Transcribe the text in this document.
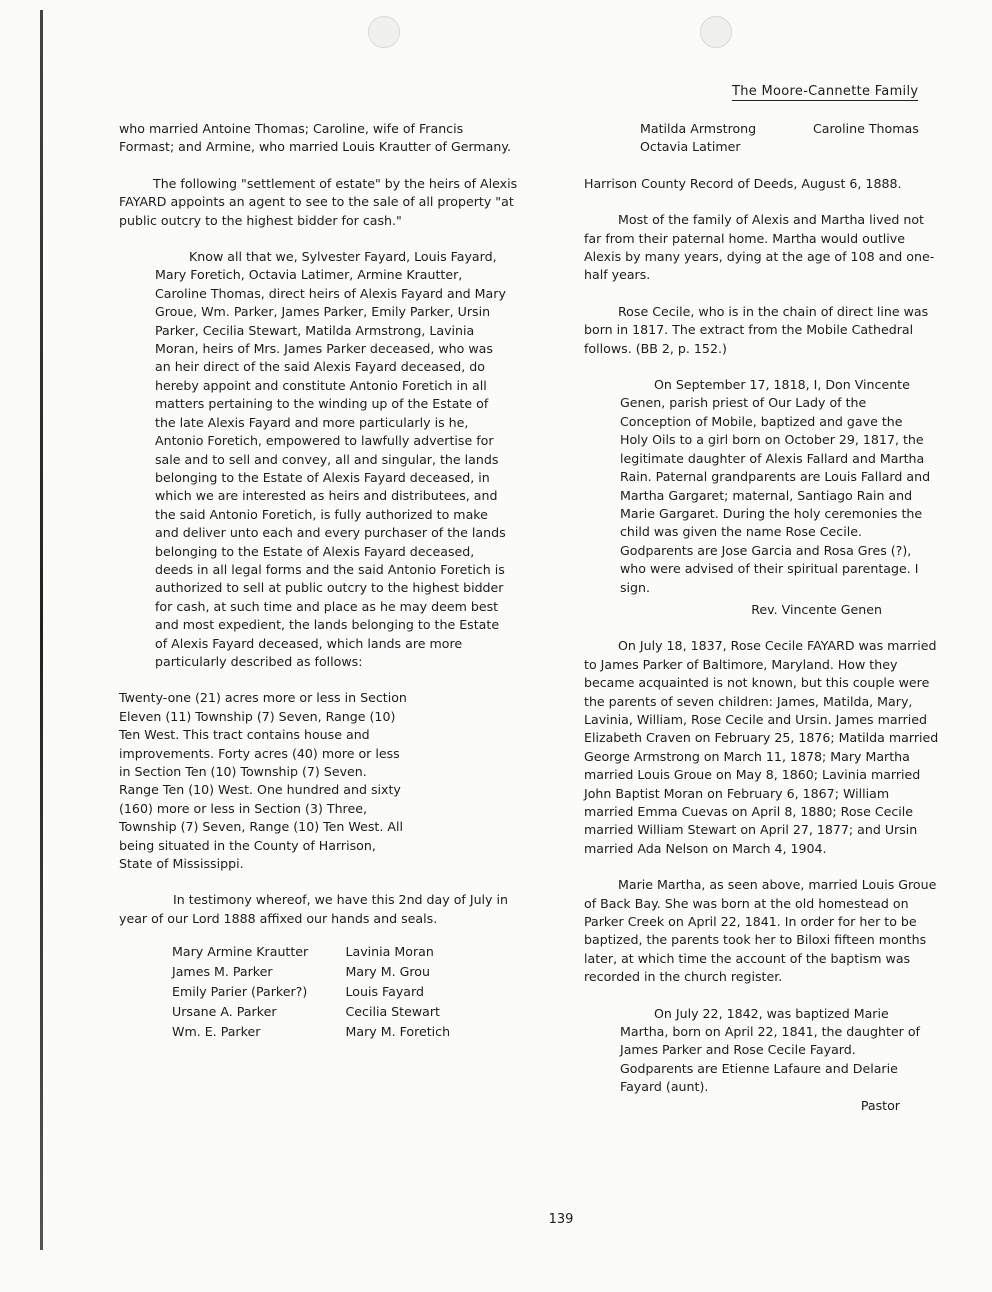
The Moore-Cannette Family

who married Antoine Thomas; Caroline, wife of Francis Formast; and Armine, who married Louis Krautter of Germany.

The following "settlement of estate" by the heirs of Alexis FAYARD appoints an agent to see to the sale of all property "at public outcry to the highest bidder for cash."

Know all that we, Sylvester Fayard, Louis Fayard, Mary Foretich, Octavia Latimer, Armine Krautter, Caroline Thomas, direct heirs of Alexis Fayard and Mary Groue, Wm. Parker, James Parker, Emily Parker, Ursin Parker, Cecilia Stewart, Matilda Armstrong, Lavinia Moran, heirs of Mrs. James Parker deceased, who was an heir direct of the said Alexis Fayard deceased, do hereby appoint and constitute Antonio Foretich in all matters pertaining to the winding up of the Estate of the late Alexis Fayard and more particularly is he, Antonio Foretich, empowered to lawfully advertise for sale and to sell and convey, all and singular, the lands belonging to the Estate of Alexis Fayard deceased, in which we are interested as heirs and distributees, and the said Antonio Foretich, is fully authorized to make and deliver unto each and every purchaser of the lands belonging to the Estate of Alexis Fayard deceased, deeds in all legal forms and the said Antonio Foretich is authorized to sell at public outcry to the highest bidder for cash, at such time and place as he may deem best and most expedient, the lands belonging to the Estate of Alexis Fayard deceased, which lands are more particularly described as follows:

Twenty-one (21) acres more or less in Section Eleven (11) Township (7) Seven, Range (10) Ten West. This tract contains house and improvements. Forty acres (40) more or less in Section Ten (10) Township (7) Seven. Range Ten (10) West. One hundred and sixty (160) more or less in Section (3) Three, Township (7) Seven, Range (10) Ten West. All being situated in the County of Harrison, State of Mississippi.

In testimony whereof, we have this 2nd day of July in year of our Lord 1888 affixed our hands and seals.

Mary Armine Krautter
James M. Parker
Emily Parier (Parker?)
Ursane A. Parker
Wm. E. Parker
Lavinia Moran
Mary M. Grou
Louis Fayard
Cecilia Stewart
Mary M. Foretich
Matilda Armstrong
Octavia Latimer
Caroline Thomas

Harrison County Record of Deeds, August 6, 1888.

Most of the family of Alexis and Martha lived not far from their paternal home. Martha would outlive Alexis by many years, dying at the age of 108 and one-half years.

Rose Cecile, who is in the chain of direct line was born in 1817. The extract from the Mobile Cathedral follows. (BB 2, p. 152.)

On September 17, 1818, I, Don Vincente Genen, parish priest of Our Lady of the Conception of Mobile, baptized and gave the Holy Oils to a girl born on October 29, 1817, the legitimate daughter of Alexis Fallard and Martha Rain. Paternal grandparents are Louis Fallard and Martha Gargaret; maternal, Santiago Rain and Marie Gargaret. During the holy ceremonies the child was given the name Rose Cecile. Godparents are Jose Garcia and Rosa Gres (?), who were advised of their spiritual parentage. I sign.

Rev. Vincente Genen

On July 18, 1837, Rose Cecile FAYARD was married to James Parker of Baltimore, Maryland. How they became acquainted is not known, but this couple were the parents of seven children: James, Matilda, Mary, Lavinia, William, Rose Cecile and Ursin. James married Elizabeth Craven on February 25, 1876; Matilda married George Armstrong on March 11, 1878; Mary Martha married Louis Groue on May 8, 1860; Lavinia married John Baptist Moran on February 6, 1867; William married Emma Cuevas on April 8, 1880; Rose Cecile married William Stewart on April 27, 1877; and Ursin married Ada Nelson on March 4, 1904.

Marie Martha, as seen above, married Louis Groue of Back Bay. She was born at the old homestead on Parker Creek on April 22, 1841. In order for her to be baptized, the parents took her to Biloxi fifteen months later, at which time the account of the baptism was recorded in the church register.

On July 22, 1842, was baptized Marie Martha, born on April 22, 1841, the daughter of James Parker and Rose Cecile Fayard. Godparents are Etienne Lafaure and Delarie Fayard (aunt).

Pastor

139
